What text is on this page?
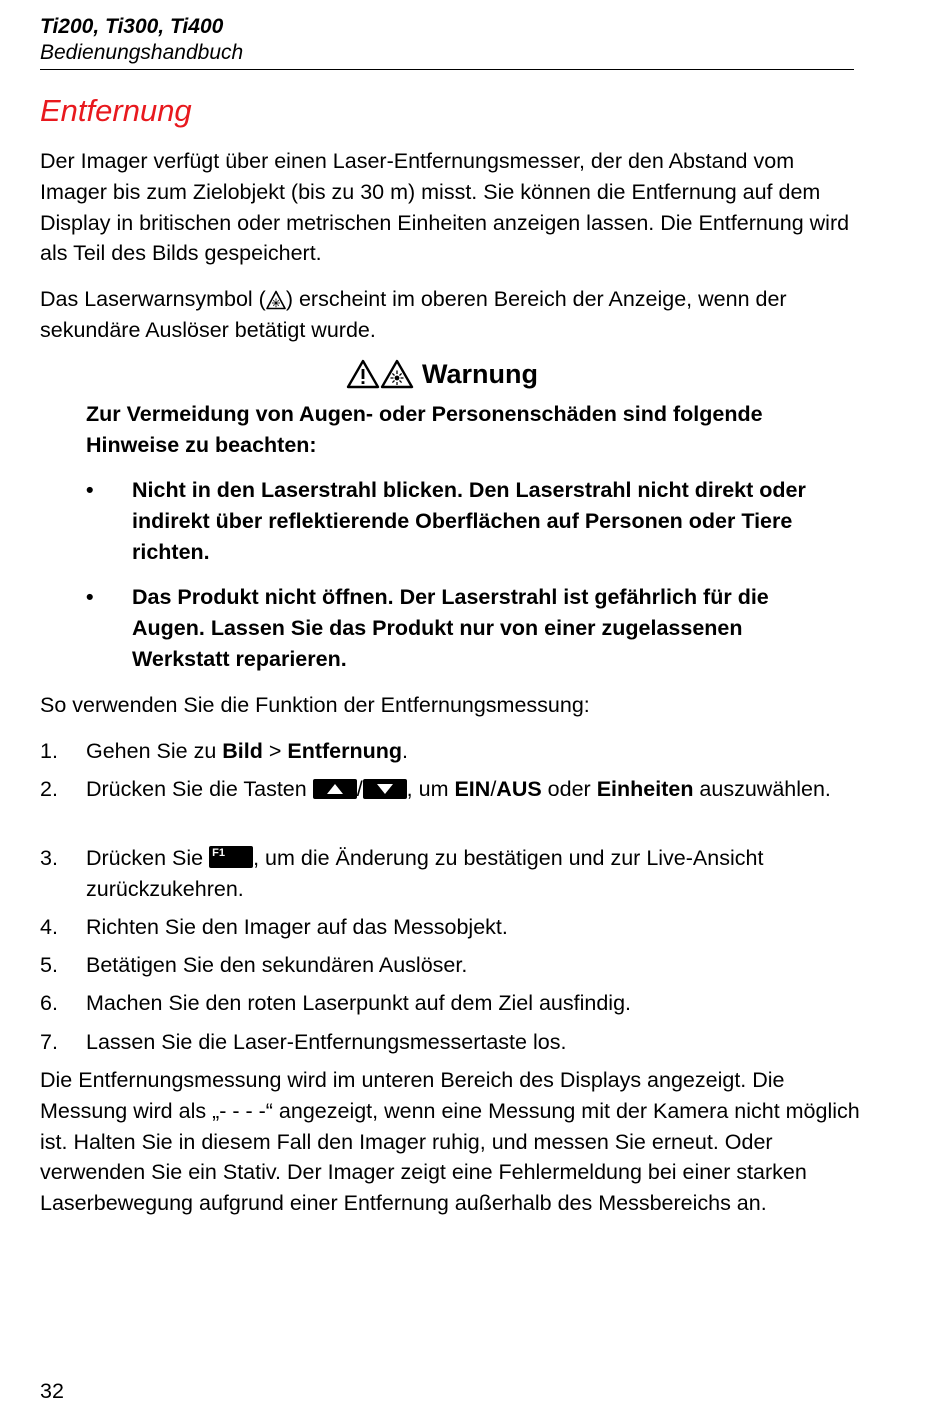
Ti200, Ti300, Ti400
Bedienungshandbuch
Entfernung
Der Imager verfügt über einen Laser-Entfernungsmesser, der den Abstand vom Imager bis zum Zielobjekt (bis zu 30 m) misst. Sie können die Entfernung auf dem Display in britischen oder metrischen Einheiten anzeigen lassen. Die Entfernung wird als Teil des Bilds gespeichert.
Das Laserwarnsymbol ( ) erscheint im oberen Bereich der Anzeige, wenn der sekundäre Auslöser betätigt wurde.
Warnung
Zur Vermeidung von Augen- oder Personenschäden sind folgende Hinweise zu beachten:
•	Nicht in den Laserstrahl blicken. Den Laserstrahl nicht direkt oder indirekt über reflektierende Oberflächen auf Personen oder Tiere richten.
•	Das Produkt nicht öffnen. Der Laserstrahl ist gefährlich für die Augen. Lassen Sie das Produkt nur von einer zugelassenen Werkstatt reparieren.
So verwenden Sie die Funktion der Entfernungsmessung:
1. Gehen Sie zu Bild > Entfernung.
2. Drücken Sie die Tasten
/ , um EIN/AUS oder Einheiten auszuwählen.
3. Drücken Sie F1 , um die Änderung zu bestätigen und zur Live-Ansicht zurückzukehren.
4. Richten Sie den Imager auf das Messobjekt.
5. Betätigen Sie den sekundären Auslöser.
6. Machen Sie den roten Laserpunkt auf dem Ziel ausfindig.
7. Lassen Sie die Laser-Entfernungsmessertaste los.
Die Entfernungsmessung wird im unteren Bereich des Displays angezeigt. Die Messung wird als „- - - -“ angezeigt, wenn eine Messung mit der Kamera nicht möglich ist. Halten Sie in diesem Fall den Imager ruhig, und messen Sie erneut. Oder verwenden Sie ein Stativ. Der Imager zeigt eine Fehlermeldung bei einer starken Laserbewegung aufgrund einer Entfernung außerhalb des Messbereichs an.
32
